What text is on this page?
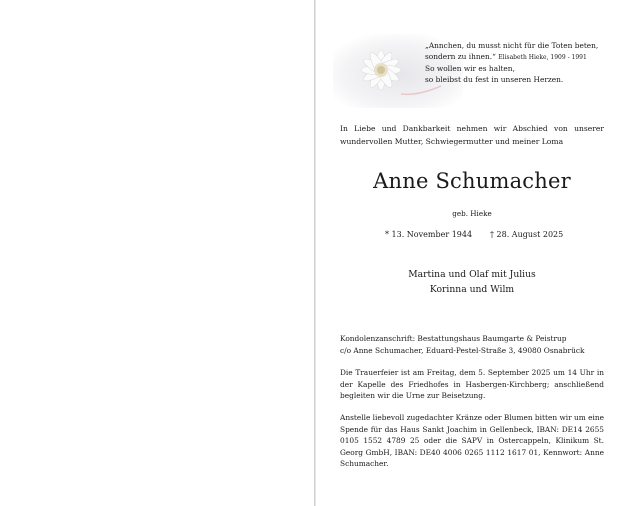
„Annchen, du musst nicht für die Toten beten,
sondern zu ihnen.“ Elisabeth Hieke, 1909 - 1991
So wollen wir es halten,
so bleibst du fest in unseren Herzen.
In Liebe und Dankbarkeit nehmen wir Abschied von unserer wundervollen Mutter, Schwiegermutter und meiner Loma
Anne Schumacher
geb. Hieke
* 13. November 1944 † 28. August 2025
Martina und Olaf mit Julius
Korinna und Wilm
Kondolenzanschrift: Bestattungshaus Baumgarte & Peistrup
c/o Anne Schumacher, Eduard-Pestel-Straße 3, 49080 Osnabrück
Die Trauerfeier ist am Freitag, dem 5. September 2025 um 14 Uhr in der Kapelle des Friedhofes in Hasbergen-Kirchberg; anschließend begleiten wir die Urne zur Beisetzung.
Anstelle liebevoll zugedachter Kränze oder Blumen bitten wir um eine Spende für das Haus Sankt Joachim in Gellenbeck, IBAN: DE14 2655 0105 1552 4789 25 oder die SAPV in Ostercappeln, Klinikum St. Georg GmbH, IBAN: DE40 4006 0265 1112 1617 01, Kennwort: Anne Schumacher.
